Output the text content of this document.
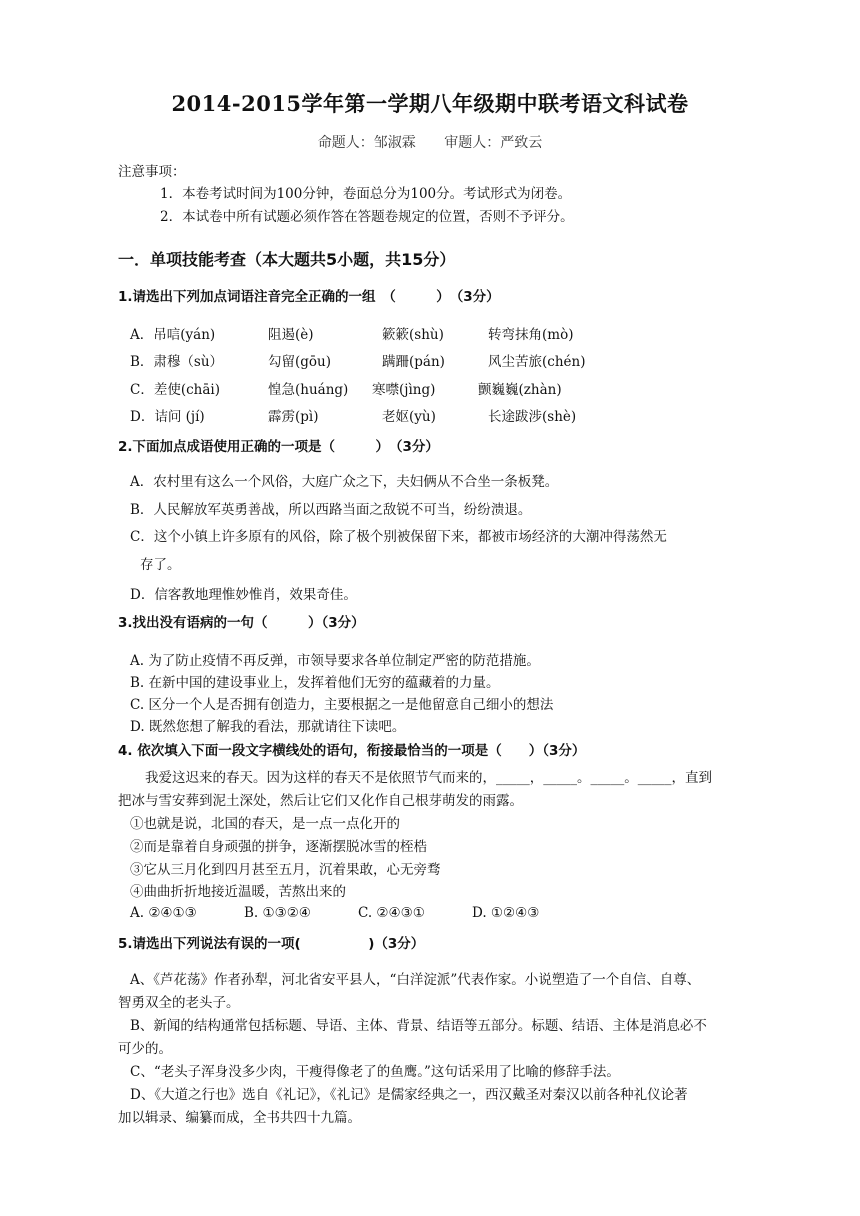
2014-2015学年第一学期八年级期中联考语文科试卷
命题人：邹淑霖 审题人：严致云
注意事项：
1．本卷考试时间为100分钟，卷面总分为100分。考试形式为闭卷。
2．本试卷中所有试题必须作答在答题卷规定的位置，否则不予评分。
一．单项技能考查（本大题共5小题，共15分）
1.请选出下列加点词语注音完全正确的一组　（　　　）　（3分）
A．吊唁(yán)	阻遏(è)	簌簌(shù)	转弯抹角(mò)
B．肃穆（sù）	勾留(gōu)	蹒跚(pán)	风尘苦旅(chén)
C．差使(chāi)	惶急(huáng) 寒噤(jìng)	颤巍巍(zhàn)
D．诘问 (jí)	霹雳(pì)	老妪(yù)	长途跋涉(shè)
2.下面加点成语使用正确的一项是（　　　）　（3分）
A．农村里有这么一个风俗，大庭广众之下，夫妇俩从不合坐一条板凳。
B．人民解放军英勇善战，所以西路当面之敌锐不可当，纷纷溃退。
C．这个小镇上许多原有的风俗，除了极个别被保留下来，都被市场经济的大潮冲得荡然无
存了。
D．信客教地理惟妙惟肖，效果奇佳。
3.找出没有语病的一句（　　　）（3分）
A. 为了防止疫情不再反弹，市领导要求各单位制定严密的防范措施。
B. 在新中国的建设事业上，发挥着他们无穷的蕴藏着的力量。
C. 区分一个人是否拥有创造力，主要根据之一是他留意自己细小的想法
D. 既然您想了解我的看法，那就请往下读吧。
4. 依次填入下面一段文字横线处的语句，衔接最恰当的一项是（　　）（3分）
　　我爱这迟来的春天。因为这样的春天不是依照节气而来的，_____，_____。_____。_____，直到
把冰与雪安葬到泥土深处，然后让它们又化作自己根芽萌发的雨露。
①也就是说，北国的春天，是一点一点化开的
②而是靠着自身顽强的拼争，逐渐摆脱冰雪的桎梏
③它从三月化到四月甚至五月，沉着果敢，心无旁骛
④曲曲折折地接近温暖，苦熬出来的
A. ②④①③	B. ①③②④	C. ②④③①	D. ①②④③
5.请选出下列说法有误的一项(　　　　　)（3分）
A、《芦花荡》作者孙犁，河北省安平县人，“白洋淀派”代表作家。小说塑造了一个自信、自尊、
智勇双全的老头子。
B、新闻的结构通常包括标题、导语、主体、背景、结语等五部分。标题、结语、主体是消息必不
可少的。
C、“老头子浑身没多少肉，干瘦得像老了的鱼鹰。”这句话采用了比喻的修辞手法。
D、《大道之行也》选自《礼记》，《礼记》是儒家经典之一，西汉戴圣对秦汉以前各种礼仪论著
加以辑录、编纂而成，全书共四十九篇。
